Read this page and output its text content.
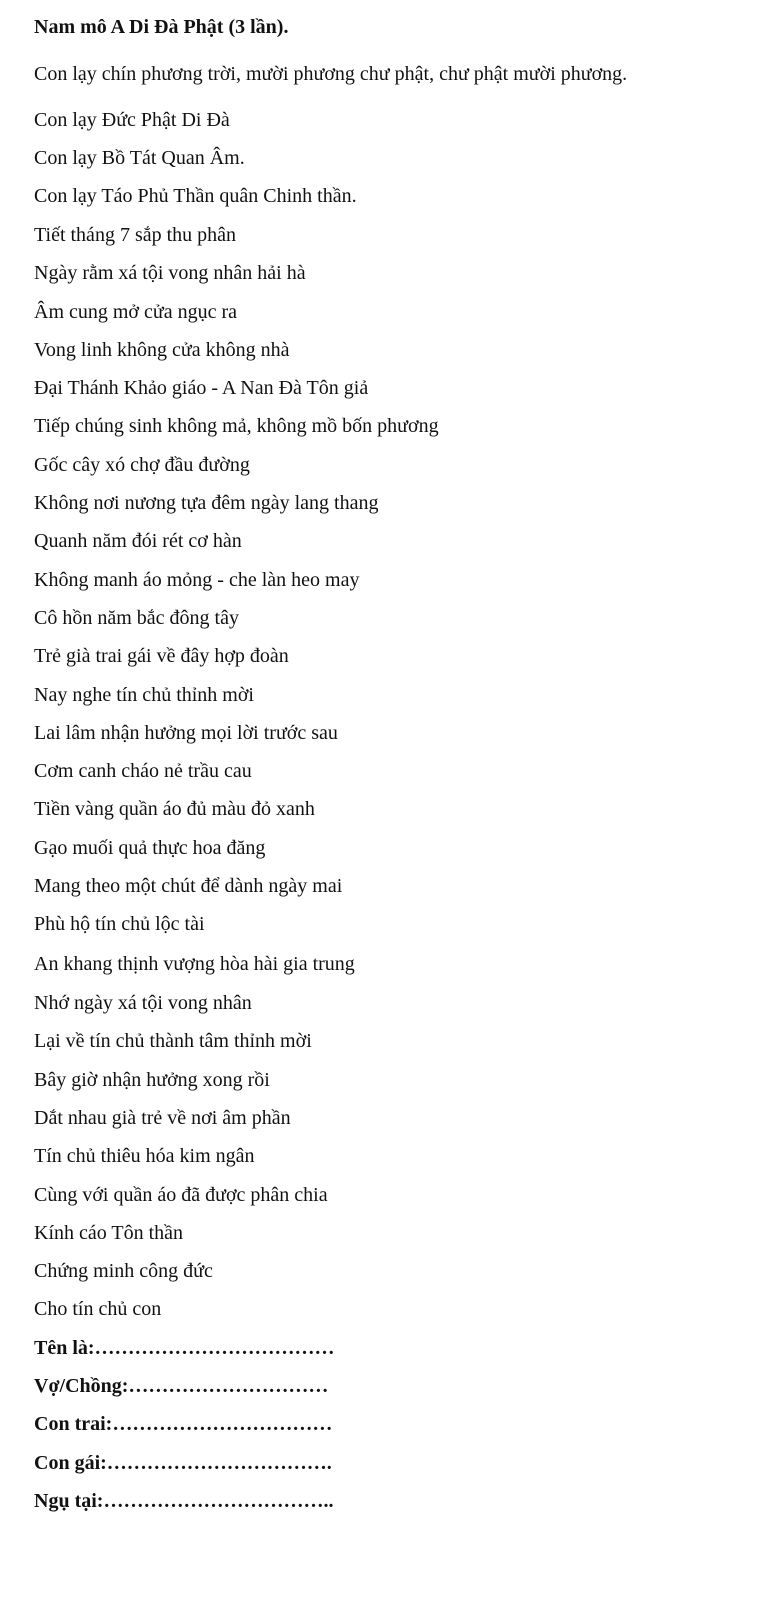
Nam mô A Di Đà Phật (3 lần).
Con lạy chín phương trời, mười phương chư phật, chư phật mười phương.
Con lạy Đức Phật Di Đà
Con lạy Bồ Tát Quan Âm.
Con lạy Táo Phủ Thần quân Chinh thần.
Tiết tháng 7 sắp thu phân
Ngày rằm xá tội vong nhân hải hà
Âm cung mở cửa ngục ra
Vong linh không cửa không nhà
Đại Thánh Khảo giáo - A Nan Đà Tôn giả
Tiếp chúng sinh không mả, không mồ bốn phương
Gốc cây xó chợ đầu đường
Không nơi nương tựa đêm ngày lang thang
Quanh năm đói rét cơ hàn
Không manh áo mỏng - che làn heo may
Cô hồn năm bắc đông tây
Trẻ già trai gái về đây hợp đoàn
Nay nghe tín chủ thỉnh mời
Lai lâm nhận hưởng mọi lời trước sau
Cơm canh cháo nẻ trầu cau
Tiền vàng quần áo đủ màu đỏ xanh
Gạo muối quả thực hoa đăng
Mang theo một chút để dành ngày mai
Phù hộ tín chủ lộc tài
An khang thịnh vượng hòa hài gia trung
Nhớ ngày xá tội vong nhân
Lại về tín chủ thành tâm thỉnh mời
Bây giờ nhận hưởng xong rồi
Dắt nhau già trẻ về nơi âm phần
Tín chủ thiêu hóa kim ngân
Cùng với quần áo đã được phân chia
Kính cáo Tôn thần
Chứng minh công đức
Cho tín chủ con
Tên là:………………………………
Vợ/Chồng:…………………………
Con trai:……………………………
Con gái:…………………………….
Ngụ tại:……………………………..
